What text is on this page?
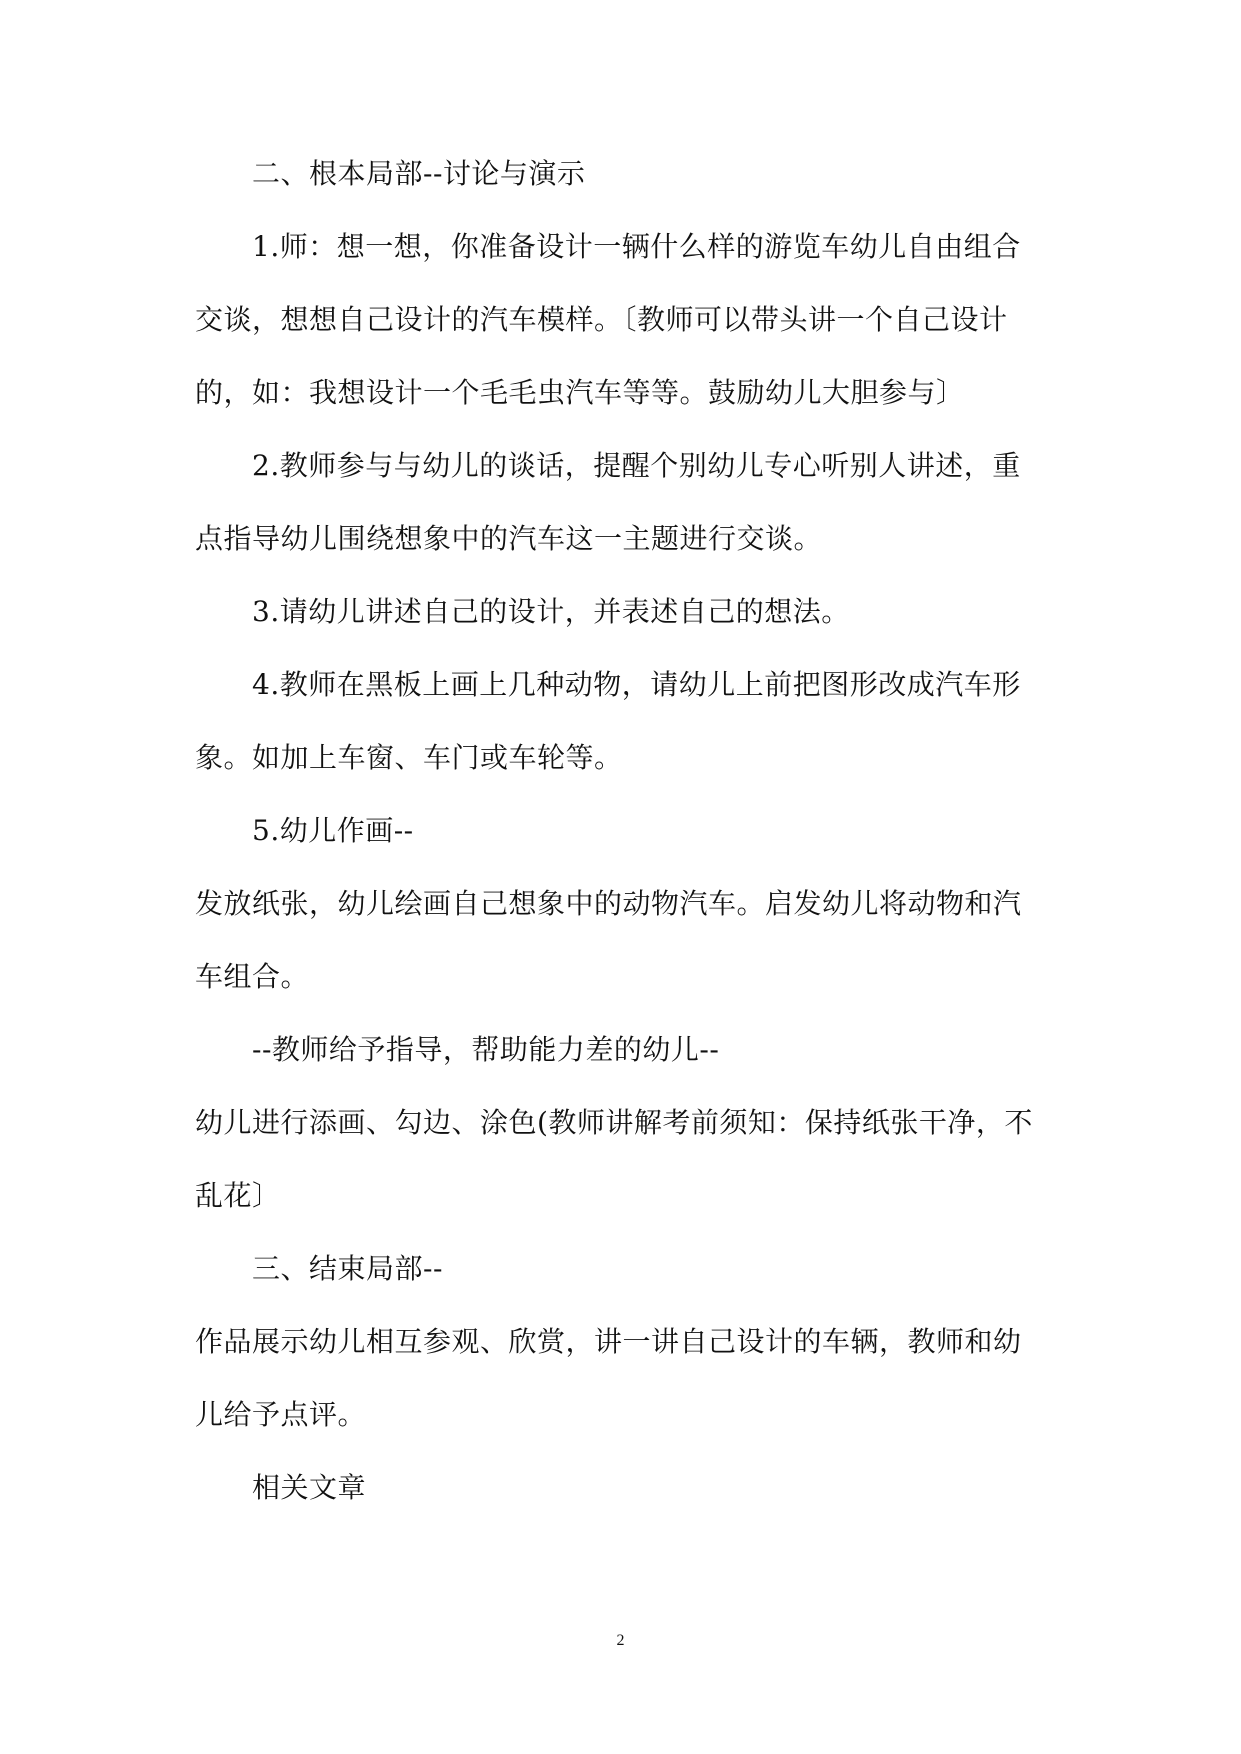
二、根本局部--讨论与演示
1.师：想一想，你准备设计一辆什么样的游览车幼儿自由组合
交谈，想想自己设计的汽车模样。〔教师可以带头讲一个自己设计
的，如：我想设计一个毛毛虫汽车等等。鼓励幼儿大胆参与〕
2.教师参与与幼儿的谈话，提醒个别幼儿专心听别人讲述，重
点指导幼儿围绕想象中的汽车这一主题进行交谈。
3.请幼儿讲述自己的设计，并表述自己的想法。
4.教师在黑板上画上几种动物，请幼儿上前把图形改成汽车形
象。如加上车窗、车门或车轮等。
5.幼儿作画--
发放纸张，幼儿绘画自己想象中的动物汽车。启发幼儿将动物和汽
车组合。
--教师给予指导，帮助能力差的幼儿--
幼儿进行添画、勾边、涂色(教师讲解考前须知：保持纸张干净，不
乱花〕
三、结束局部--
作品展示幼儿相互参观、欣赏，讲一讲自己设计的车辆，教师和幼
儿给予点评。
相关文章
2
